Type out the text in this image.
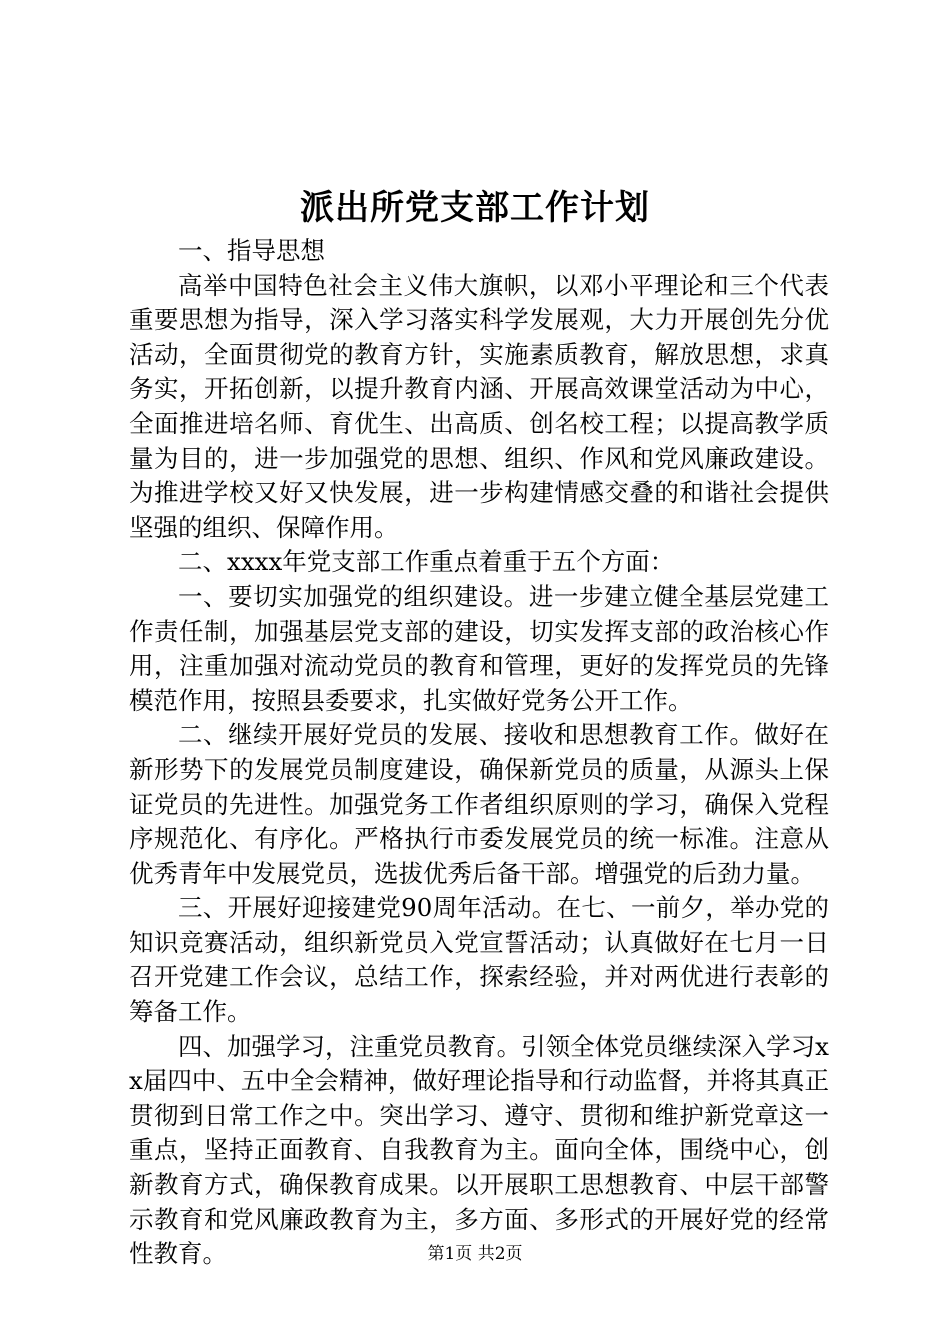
派出所党支部工作计划

一、指导思想

高举中国特色社会主义伟大旗帜，以邓小平理论和三个代表重要思想为指导，深入学习落实科学发展观，大力开展创先分优活动，全面贯彻党的教育方针，实施素质教育，解放思想，求真务实，开拓创新，以提升教育内涵、开展高效课堂活动为中心，全面推进培名师、育优生、出高质、创名校工程；以提高教学质量为目的，进一步加强党的思想、组织、作风和党风廉政建设。为推进学校又好又快发展，进一步构建情感交叠的和谐社会提供坚强的组织、保障作用。

二、xxxx年党支部工作重点着重于五个方面：

一、要切实加强党的组织建设。进一步建立健全基层党建工作责任制，加强基层党支部的建设，切实发挥支部的政治核心作用，注重加强对流动党员的教育和管理，更好的发挥党员的先锋模范作用，按照县委要求，扎实做好党务公开工作。

二、继续开展好党员的发展、接收和思想教育工作。做好在新形势下的发展党员制度建设，确保新党员的质量，从源头上保证党员的先进性。加强党务工作者组织原则的学习，确保入党程序规范化、有序化。严格执行市委发展党员的统一标准。注意从优秀青年中发展党员，选拔优秀后备干部。增强党的后劲力量。

三、开展好迎接建党90周年活动。在七、一前夕，举办党的知识竞赛活动，组织新党员入党宣誓活动；认真做好在七月一日召开党建工作会议，总结工作，探索经验，并对两优进行表彰的筹备工作。

四、加强学习，注重党员教育。引领全体党员继续深入学习xx届四中、五中全会精神，做好理论指导和行动监督，并将其真正贯彻到日常工作之中。突出学习、遵守、贯彻和维护新党章这一重点，坚持正面教育、自我教育为主。面向全体，围绕中心，创新教育方式，确保教育成果。以开展职工思想教育、中层干部警示教育和党风廉政教育为主，多方面、多形式的开展好党的经常性教育。	第1页 共2页
